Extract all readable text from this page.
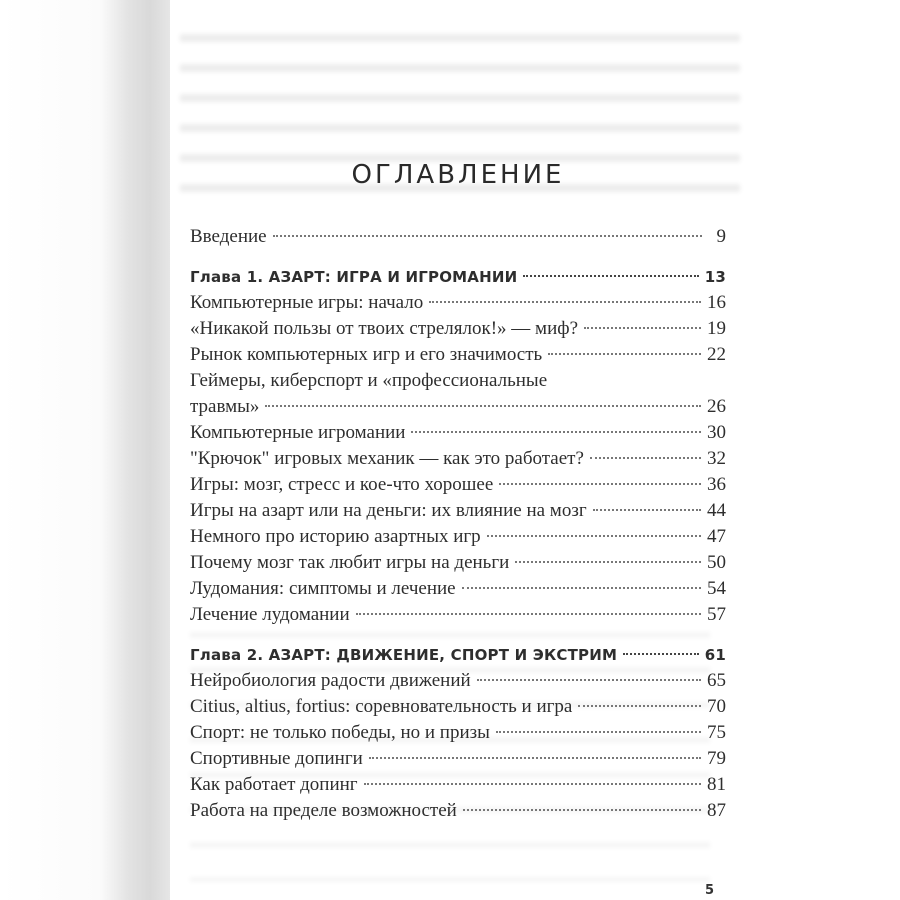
ОГЛАВЛЕНИЕ
Введение	9
Глава 1. АЗАРТ: ИГРА И ИГРОМАНИИ	13
Компьютерные игры: начало	16
«Никакой пользы от твоих стрелялок!» — миф?	19
Рынок компьютерных игр и его значимость	22
Геймеры, киберспорт и «профессиональные
травмы»	26
Компьютерные игромании	30
"Крючок" игровых механик — как это работает?	32
Игры: мозг, стресс и кое-что хорошее	36
Игры на азарт или на деньги: их влияние на мозг	44
Немного про историю азартных игр	47
Почему мозг так любит игры на деньги	50
Лудомания: симптомы и лечение	54
Лечение лудомании	57
Глава 2. АЗАРТ: ДВИЖЕНИЕ, СПОРТ И ЭКСТРИМ	61
Нейробиология радости движений	65
Citius, altius, fortius: соревновательность и игра	70
Спорт: не только победы, но и призы	75
Спортивные допинги	79
Как работает допинг	81
Работа на пределе возможностей	87
5
